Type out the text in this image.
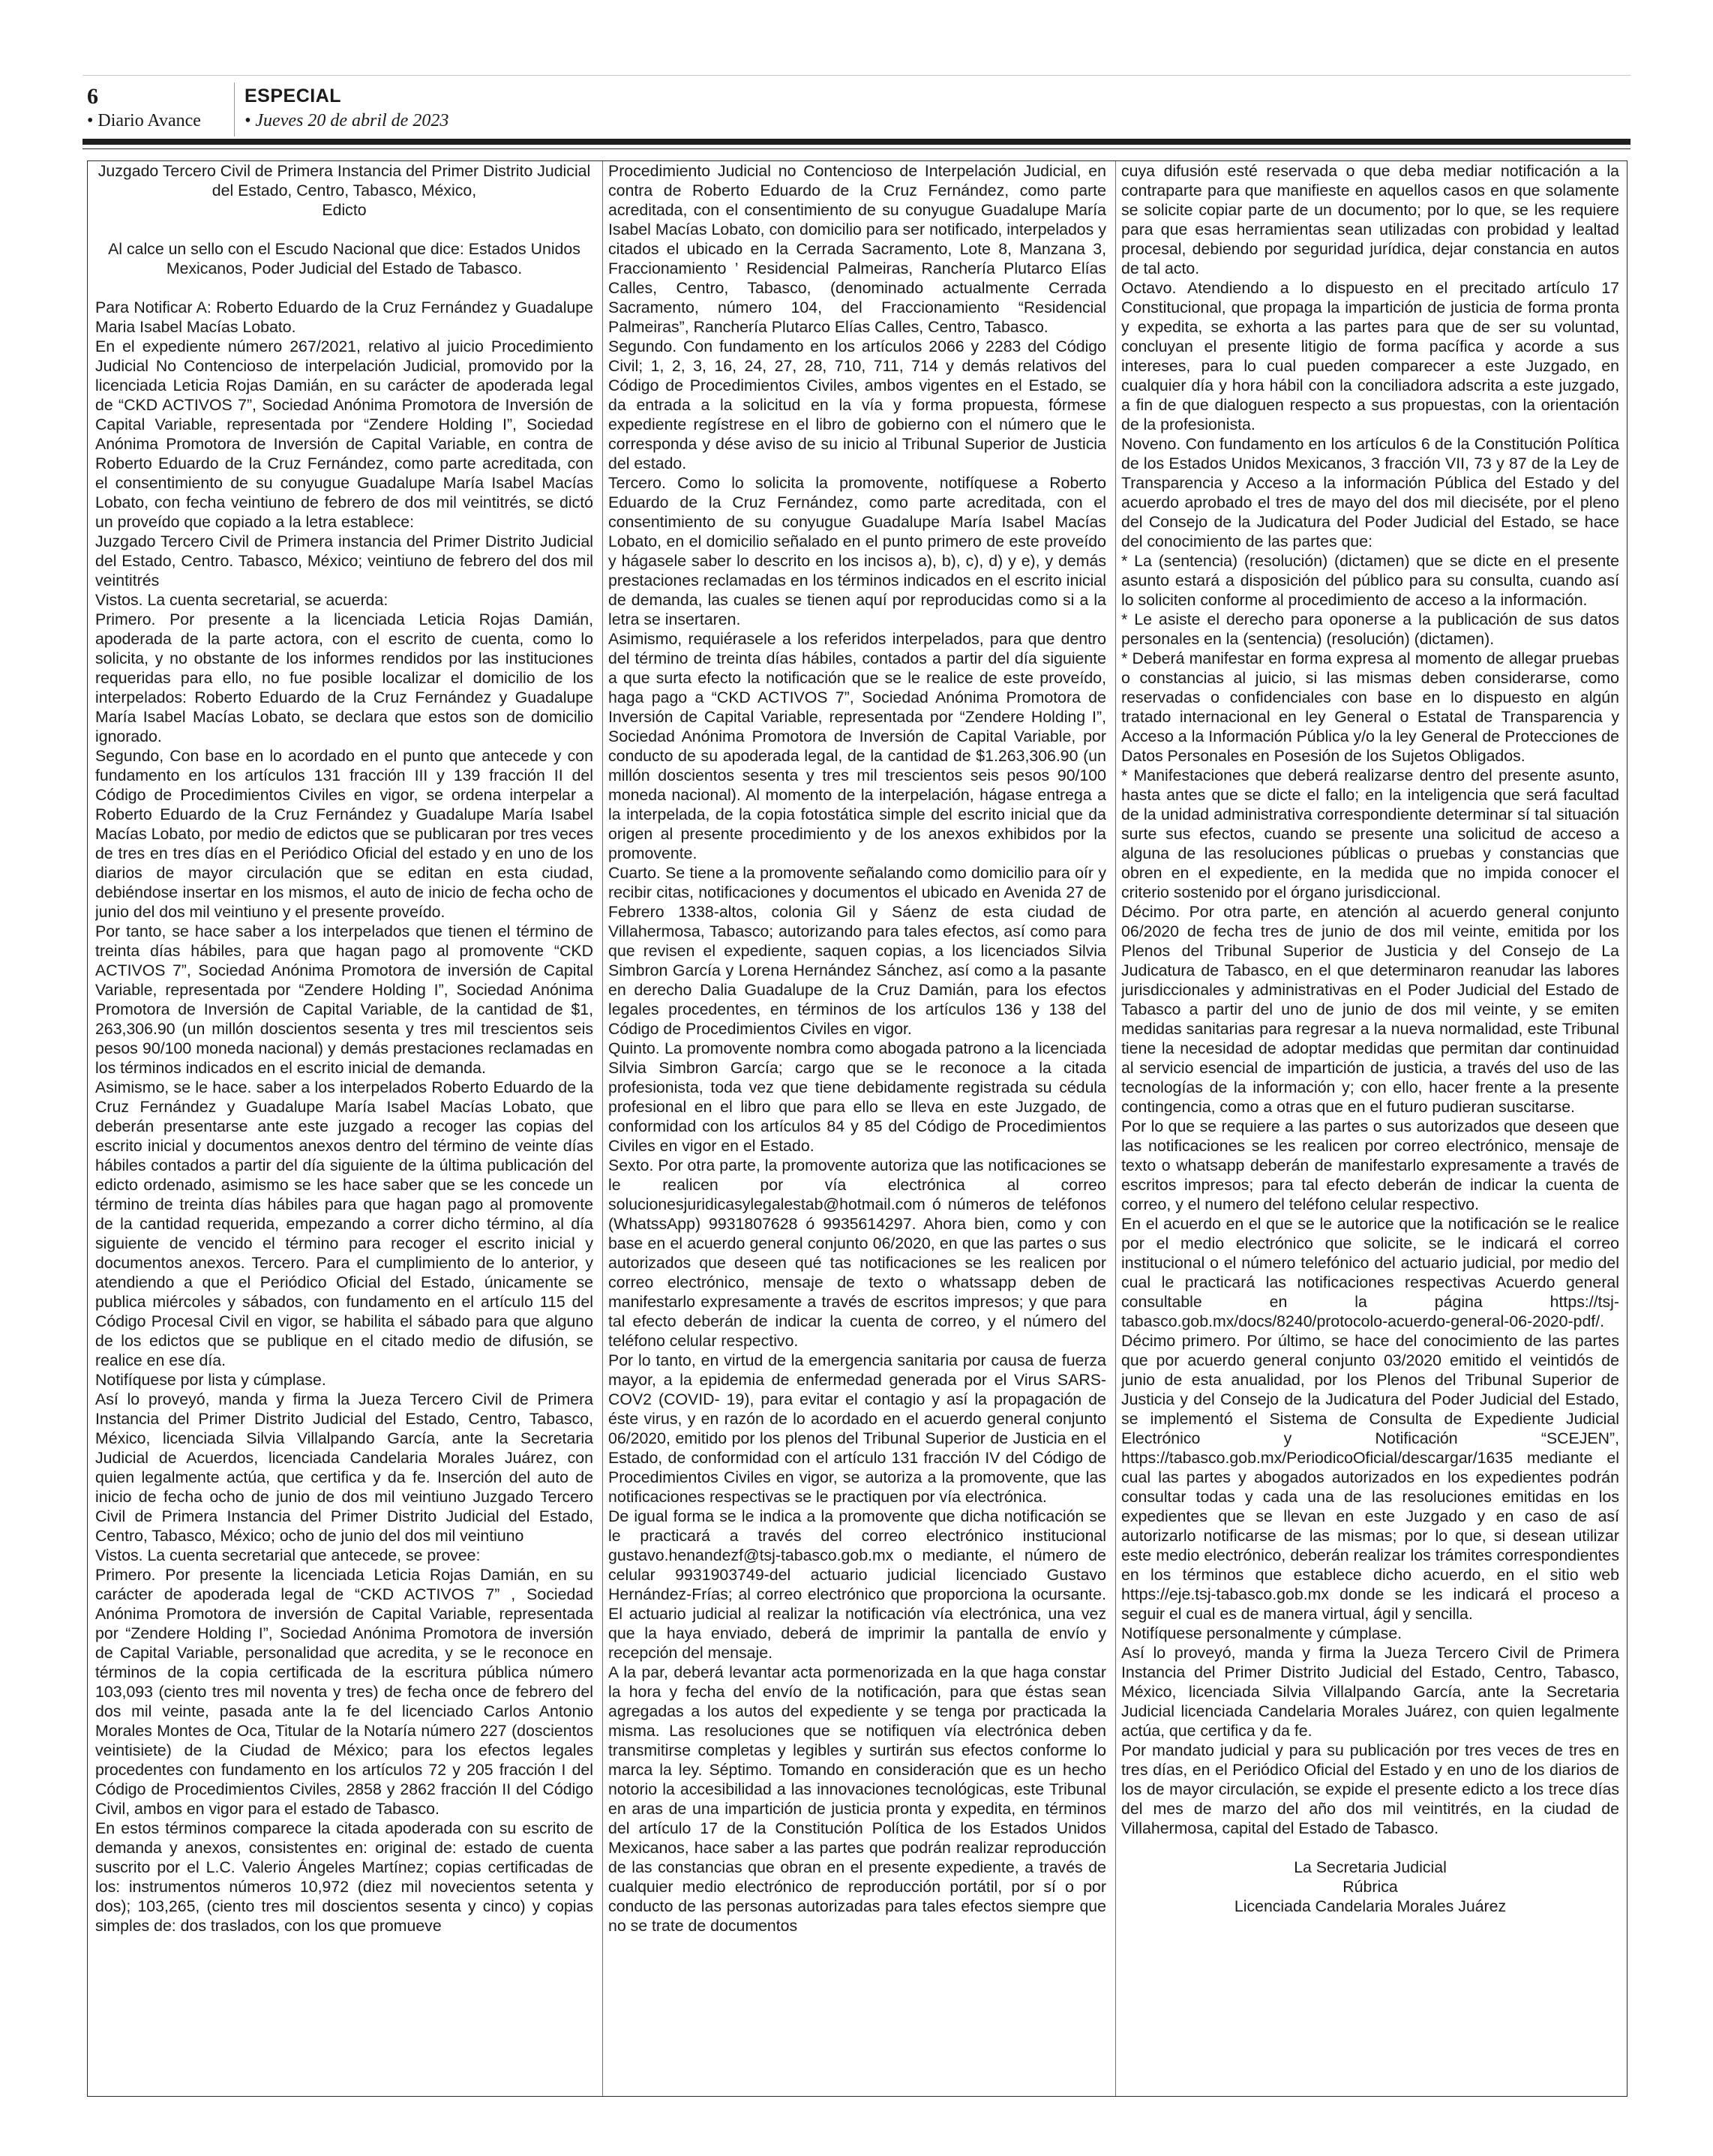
6
• Diario Avance
ESPECIAL
• Jueves 20 de abril de 2023

Juzgado Tercero Civil de Primera Instancia del Primer Distrito Judicial del Estado, Centro, Tabasco, México,

Edicto

Al calce un sello con el Escudo Nacional que dice: Estados Unidos Mexicanos, Poder Judicial del Estado de Tabasco.

Para Notificar A: Roberto Eduardo de la Cruz Fernández y Guadalupe Maria Isabel Macías Lobato.

En el expediente número 267/2021, relativo al juicio Procedimiento Judicial No Contencioso de interpelación Judicial, promovido por la licenciada Leticia Rojas Damián, en su carácter de apoderada legal de “CKD ACTIVOS 7”, Sociedad Anónima Promotora de Inversión de Capital Variable, representada por “Zendere Holding I”, Sociedad Anónima Promotora de Inversión de Capital Variable, en contra de Roberto Eduardo de la Cruz Fernández, como parte acreditada, con el consentimiento de su conyugue Guadalupe María Isabel Macías Lobato, con fecha veintiuno de febrero de dos mil veintitrés, se dictó un proveído que copiado a la letra establece:

Juzgado Tercero Civil de Primera instancia del Primer Distrito Judicial del Estado, Centro. Tabasco, México; veintiuno de febrero del dos mil veintitrés

Vistos. La cuenta secretarial, se acuerda:

Primero. Por presente a la licenciada Leticia Rojas Damián, apoderada de la parte actora, con el escrito de cuenta, como lo solicita, y no obstante de los informes rendidos por las instituciones requeridas para ello, no fue posible localizar el domicilio de los interpelados: Roberto Eduardo de la Cruz Fernández y Guadalupe María Isabel Macías Lobato, se declara que estos son de domicilio ignorado.

Segundo, Con base en lo acordado en el punto que antecede y con fundamento en los artículos 131 fracción III y 139 fracción II del Código de Procedimientos Civiles en vigor, se ordena interpelar a Roberto Eduardo de la Cruz Fernández y Guadalupe María Isabel Macías Lobato, por medio de edictos que se publicaran por tres veces de tres en tres días en el Periódico Oficial del estado y en uno de los diarios de mayor circulación que se editan en esta ciudad, debiéndose insertar en los mismos, el auto de inicio de fecha ocho de junio del dos mil veintiuno y el presente proveído.

Por tanto, se hace saber a los interpelados que tienen el término de treinta días hábiles, para que hagan pago al promovente “CKD ACTIVOS 7”, Sociedad Anónima Promotora de inversión de Capital Variable, representada por “Zendere Holding I”, Sociedad Anónima Promotora de Inversión de Capital Variable, de la cantidad de $1, 263,306.90 (un millón doscientos sesenta y tres mil trescientos seis pesos 90/100 moneda nacional) y demás prestaciones reclamadas en los términos indicados en el escrito inicial de demanda.

Asimismo, se le hace. saber a los interpelados Roberto Eduardo de la Cruz Fernández y Guadalupe María Isabel Macías Lobato, que deberán presentarse ante este juzgado a recoger las copias del escrito inicial y documentos anexos dentro del término de veinte días hábiles contados a partir del día siguiente de la última publicación del edicto ordenado, asimismo se les hace saber que se les concede un término de treinta días hábiles para que hagan pago al promovente de la cantidad requerida, empezando a correr dicho término, al día siguiente de vencido el término para recoger el escrito inicial y documentos anexos. Tercero. Para el cumplimiento de lo anterior, y atendiendo a que el Periódico Oficial del Estado, únicamente se publica miércoles y sábados, con fundamento en el artículo 115 del Código Procesal Civil en vigor, se habilita el sábado para que alguno de los edictos que se publique en el citado medio de difusión, se realice en ese día.

Notifíquese por lista y cúmplase.

Así lo proveyó, manda y firma la Jueza Tercero Civil de Primera Instancia del Primer Distrito Judicial del Estado, Centro, Tabasco, México, licenciada Silvia Villalpando García, ante la Secretaria Judicial de Acuerdos, licenciada Candelaria Morales Juárez, con quien legalmente actúa, que certifica y da fe. Inserción del auto de inicio de fecha ocho de junio de dos mil veintiuno Juzgado Tercero Civil de Primera Instancia del Primer Distrito Judicial del Estado, Centro, Tabasco, México; ocho de junio del dos mil veintiuno

Vistos. La cuenta secretarial que antecede, se provee:

Primero. Por presente la licenciada Leticia Rojas Damián, en su carácter de apoderada legal de “CKD ACTIVOS 7” , Sociedad Anónima Promotora de inversión de Capital Variable, representada por “Zendere Holding I”, Sociedad Anónima Promotora de inversión de Capital Variable, personalidad que acredita, y se le reconoce en términos de la copia certificada de la escritura pública número 103,093 (ciento tres mil noventa y tres) de fecha once de febrero del dos mil veinte, pasada ante la fe del licenciado Carlos Antonio Morales Montes de Oca, Titular de la Notaría número 227 (doscientos veintisiete) de la Ciudad de México; para los efectos legales procedentes con fundamento en los artículos 72 y 205 fracción I del Código de Procedimientos Civiles, 2858 y 2862 fracción II del Código Civil, ambos en vigor para el estado de Tabasco.

En estos términos comparece la citada apoderada con su escrito de demanda y anexos, consistentes en: original de: estado de cuenta suscrito por el L.C. Valerio Ángeles Martínez; copias certificadas de los: instrumentos números 10,972 (diez mil novecientos setenta y dos); 103,265, (ciento tres mil doscientos sesenta y cinco) y copias simples de: dos traslados, con los que promueve

Procedimiento Judicial no Contencioso de Interpelación Judicial, en contra de Roberto Eduardo de la Cruz Fernández, como parte acreditada, con el consentimiento de su conyugue Guadalupe María Isabel Macías Lobato, con domicilio para ser notificado, interpelados y citados el ubicado en la Cerrada Sacramento, Lote 8, Manzana 3, Fraccionamiento ’ Residencial Palmeiras, Ranchería Plutarco Elías Calles, Centro, Tabasco, (denominado actualmente Cerrada Sacramento, número 104, del Fraccionamiento “Residencial Palmeiras”, Ranchería Plutarco Elías Calles, Centro, Tabasco.

Segundo. Con fundamento en los artículos 2066 y 2283 del Código Civil; 1, 2, 3, 16, 24, 27, 28, 710, 711, 714 y demás relativos del Código de Procedimientos Civiles, ambos vigentes en el Estado, se da entrada a la solicitud en la vía y forma propuesta, fórmese expediente regístrese en el libro de gobierno con el número que le corresponda y dése aviso de su inicio al Tribunal Superior de Justicia del estado.

Tercero. Como lo solicita la promovente, notifíquese a Roberto Eduardo de la Cruz Fernández, como parte acreditada, con el consentimiento de su conyugue Guadalupe María Isabel Macías Lobato, en el domicilio señalado en el punto primero de este proveído y hágasele saber lo descrito en los incisos a), b), c), d) y e), y demás prestaciones reclamadas en los términos indicados en el escrito inicial de demanda, las cuales se tienen aquí por reproducidas como si a la letra se insertaren.

Asimismo, requiérasele a los referidos interpelados, para que dentro del término de treinta días hábiles, contados a partir del día siguiente a que surta efecto la notificación que se le realice de este proveído, haga pago a “CKD ACTIVOS 7”, Sociedad Anónima Promotora de Inversión de Capital Variable, representada por “Zendere Holding I”, Sociedad Anónima Promotora de Inversión de Capital Variable, por conducto de su apoderada legal, de la cantidad de $1.263,306.90 (un millón doscientos sesenta y tres mil trescientos seis pesos 90/100 moneda nacional). Al momento de la interpelación, hágase entrega a la interpelada, de la copia fotostática simple del escrito inicial que da origen al presente procedimiento y de los anexos exhibidos por la promovente.

Cuarto. Se tiene a la promovente señalando como domicilio para oír y recibir citas, notificaciones y documentos el ubicado en Avenida 27 de Febrero 1338-altos, colonia Gil y Sáenz de esta ciudad de Villahermosa, Tabasco; autorizando para tales efectos, así como para que revisen el expediente, saquen copias, a los licenciados Silvia Simbron García y Lorena Hernández Sánchez, así como a la pasante en derecho Dalia Guadalupe de la Cruz Damián, para los efectos legales procedentes, en términos de los artículos 136 y 138 del Código de Procedimientos Civiles en vigor.

Quinto. La promovente nombra como abogada patrono a la licenciada Silvia Simbron García; cargo que se le reconoce a la citada profesionista, toda vez que tiene debidamente registrada su cédula profesional en el libro que para ello se lleva en este Juzgado, de conformidad con los artículos 84 y 85 del Código de Procedimientos Civiles en vigor en el Estado.

Sexto. Por otra parte, la promovente autoriza que las notificaciones se le realicen por vía electrónica al correo solucionesjuridicasylegalestab@hotmail.com ó números de teléfonos (WhatssApp) 9931807628 ó 9935614297. Ahora bien, como y con base en el acuerdo general conjunto 06/2020, en que las partes o sus autorizados que deseen qué tas notificaciones se les realicen por correo electrónico, mensaje de texto o whatssapp deben de manifestarlo expresamente a través de escritos impresos; y que para tal efecto deberán de indicar la cuenta de correo, y el número del teléfono celular respectivo.

Por lo tanto, en virtud de la emergencia sanitaria por causa de fuerza mayor, a la epidemia de enfermedad generada por el Virus SARS-COV2 (COVID- 19), para evitar el contagio y así la propagación de éste virus, y en razón de lo acordado en el acuerdo general conjunto 06/2020, emitido por los plenos del Tribunal Superior de Justicia en el Estado, de conformidad con el artículo 131 fracción IV del Código de Procedimientos Civiles en vigor, se autoriza a la promovente, que las notificaciones respectivas se le practiquen por vía electrónica.

De igual forma se le indica a la promovente que dicha notificación se le practicará a través del correo electrónico institucional gustavo.henandezf@tsj-tabasco.gob.mx o mediante, el número de celular 9931903749-del actuario judicial licenciado Gustavo Hernández-Frías; al correo electrónico que proporciona la ocursante. El actuario judicial al realizar la notificación vía electrónica, una vez que la haya enviado, deberá de imprimir la pantalla de envío y recepción del mensaje.

A la par, deberá levantar acta pormenorizada en la que haga constar la hora y fecha del envío de la notificación, para que éstas sean agregadas a los autos del expediente y se tenga por practicada la misma. Las resoluciones que se notifiquen vía electrónica deben transmitirse completas y legibles y surtirán sus efectos conforme lo marca la ley. Séptimo. Tomando en consideración que es un hecho notorio la accesibilidad a las innovaciones tecnológicas, este Tribunal en aras de una impartición de justicia pronta y expedita, en términos del artículo 17 de la Constitución Política de los Estados Unidos Mexicanos, hace saber a las partes que podrán realizar reproducción de las constancias que obran en el presente expediente, a través de cualquier medio electrónico de reproducción portátil, por sí o por conducto de las personas autorizadas para tales efectos siempre que no se trate de documentos

cuya difusión esté reservada o que deba mediar notificación a la contraparte para que manifieste en aquellos casos en que solamente se solicite copiar parte de un documento; por lo que, se les requiere para que esas herramientas sean utilizadas con probidad y lealtad procesal, debiendo por seguridad jurídica, dejar constancia en autos de tal acto.

Octavo. Atendiendo a lo dispuesto en el precitado artículo 17 Constitucional, que propaga la impartición de justicia de forma pronta y expedita, se exhorta a las partes para que de ser su voluntad, concluyan el presente litigio de forma pacífica y acorde a sus intereses, para lo cual pueden comparecer a este Juzgado, en cualquier día y hora hábil con la conciliadora adscrita a este juzgado, a fin de que dialoguen respecto a sus propuestas, con la orientación de la profesionista.

Noveno. Con fundamento en los artículos 6 de la Constitución Política de los Estados Unidos Mexicanos, 3 fracción VII, 73 y 87 de la Ley de Transparencia y Acceso a la información Pública del Estado y del acuerdo aprobado el tres de mayo del dos mil dieciséte, por el pleno del Consejo de la Judicatura del Poder Judicial del Estado, se hace del conocimiento de las partes que:

* La (sentencia) (resolución) (dictamen) que se dicte en el presente asunto estará a disposición del público para su consulta, cuando así lo soliciten conforme al procedimiento de acceso a la información.

* Le asiste el derecho para oponerse a la publicación de sus datos personales en la (sentencia) (resolución) (dictamen).

* Deberá manifestar en forma expresa al momento de allegar pruebas o constancias al juicio, si las mismas deben considerarse, como reservadas o confidenciales con base en lo dispuesto en algún tratado internacional en ley General o Estatal de Transparencia y Acceso a la Información Pública y/o la ley General de Protecciones de Datos Personales en Posesión de los Sujetos Obligados.

* Manifestaciones que deberá realizarse dentro del presente asunto, hasta antes que se dicte el fallo; en la inteligencia que será facultad de la unidad administrativa correspondiente determinar sí tal situación surte sus efectos, cuando se presente una solicitud de acceso a alguna de las resoluciones públicas o pruebas y constancias que obren en el expediente, en la medida que no impida conocer el criterio sostenido por el órgano jurisdiccional.

Décimo. Por otra parte, en atención al acuerdo general conjunto 06/2020 de fecha tres de junio de dos mil veinte, emitida por los Plenos del Tribunal Superior de Justicia y del Consejo de La Judicatura de Tabasco, en el que determinaron reanudar las labores jurisdiccionales y administrativas en el Poder Judicial del Estado de Tabasco a partir del uno de junio de dos mil veinte, y se emiten medidas sanitarias para regresar a la nueva normalidad, este Tribunal tiene la necesidad de adoptar medidas que permitan dar continuidad al servicio esencial de impartición de justicia, a través del uso de las tecnologías de la información y; con ello, hacer frente a la presente contingencia, como a otras que en el futuro pudieran suscitarse.

Por lo que se requiere a las partes o sus autorizados que deseen que las notificaciones se les realicen por correo electrónico, mensaje de texto o whatsapp deberán de manifestarlo expresamente a través de escritos impresos; para tal efecto deberán de indicar la cuenta de correo, y el numero del teléfono celular respectivo.

En el acuerdo en el que se le autorice que la notificación se le realice por el medio electrónico que solicite, se le indicará el correo institucional o el número telefónico del actuario judicial, por medio del cual le practicará las notificaciones respectivas Acuerdo general consultable en la página https://tsj-tabasco.gob.mx/docs/8240/protocolo-acuerdo-general-06-2020-pdf/.

Décimo primero. Por último, se hace del conocimiento de las partes que por acuerdo general conjunto 03/2020 emitido el veintidós de junio de esta anualidad, por los Plenos del Tribunal Superior de Justicia y del Consejo de la Judicatura del Poder Judicial del Estado, se implementó el Sistema de Consulta de Expediente Judicial Electrónico y Notificación “SCEJEN”, https://tabasco.gob.mx/PeriodicoOficial/descargar/1635 mediante el cual las partes y abogados autorizados en los expedientes podrán consultar todas y cada una de las resoluciones emitidas en los expedientes que se llevan en este Juzgado y en caso de así autorizarlo notificarse de las mismas; por lo que, si desean utilizar este medio electrónico, deberán realizar los trámites correspondientes en los términos que establece dicho acuerdo, en el sitio web https://eje.tsj-tabasco.gob.mx donde se les indicará el proceso a seguir el cual es de manera virtual, ágil y sencilla.

Notifíquese personalmente y cúmplase.

Así lo proveyó, manda y firma la Jueza Tercero Civil de Primera Instancia del Primer Distrito Judicial del Estado, Centro, Tabasco, México, licenciada Silvia Villalpando García, ante la Secretaria Judicial licenciada Candelaria Morales Juárez, con quien legalmente actúa, que certifica y da fe.

Por mandato judicial y para su publicación por tres veces de tres en tres días, en el Periódico Oficial del Estado y en uno de los diarios de los de mayor circulación, se expide el presente edicto a los trece días del mes de marzo del año dos mil veintitrés, en la ciudad de Villahermosa, capital del Estado de Tabasco.

La Secretaria Judicial

Rúbrica

Licenciada Candelaria Morales Juárez
